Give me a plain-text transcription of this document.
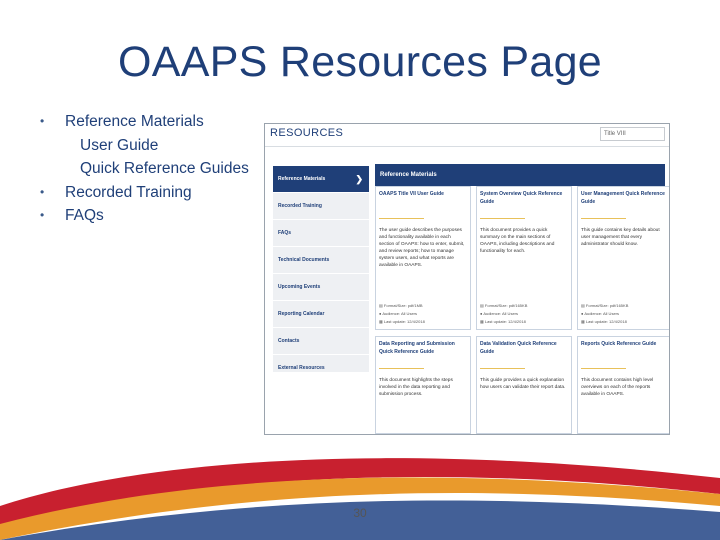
OAAPS Resources Page
•	Reference Materials
User Guide
Quick Reference Guides
•	Recorded Training
•	FAQs
RESOURCES	Title VIII
Reference Materials	❯
Recorded Training
FAQs
Technical Documents
Upcoming Events
Reporting Calendar
Contacts
External Resources
Reference Materials
OAAPS Title VII User Guide
The user guide describes the purposes and functionality available in each section of OAAPS: how to enter, submit, and review reports; how to manage system users, and what reports are available in OAAPS.
▤ Format/Size: pdf/1MB
● Audience: All Users
▦ Last update: 12/4/2018
System Overview Quick Reference Guide
This document provides a quick summary on the main sections of OAAPS, including descriptions and functionality for each.
▤ Format/Size: pdf/165KB
● Audience: All Users
▦ Last update: 12/4/2018
User Management Quick Reference Guide
This guide contains key details about user management that every administrator should know.
▤ Format/Size: pdf/165KB
● Audience: All Users
▦ Last update: 12/4/2018
Data Reporting and Submission Quick Reference Guide
This document highlights the steps involved in the data reporting and submission process.
Data Validation Quick Reference Guide
This guide provides a quick explanation how users can validate their report data.
Reports Quick Reference Guide
This document contains high level overviews on each of the reports available in OAAPS.
30
